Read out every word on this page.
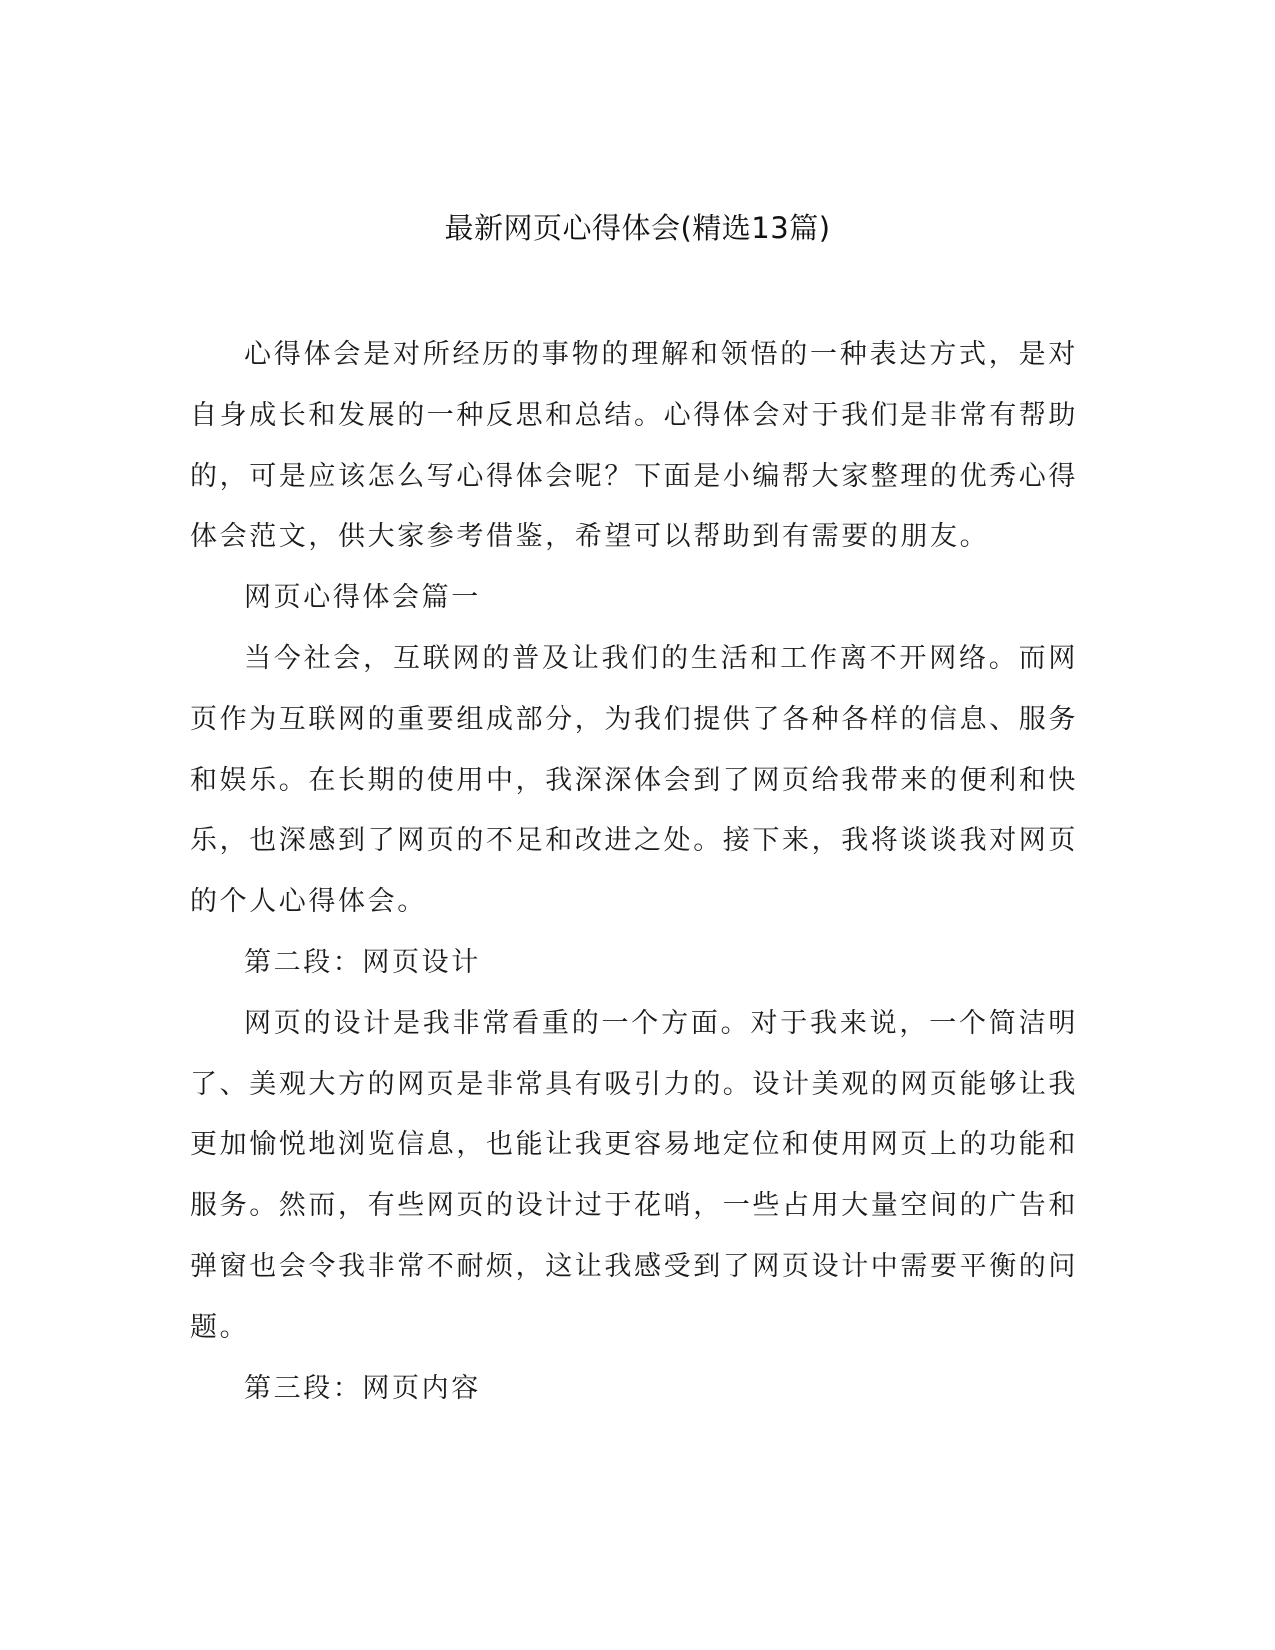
最新网页心得体会(精选13篇)

心得体会是对所经历的事物的理解和领悟的一种表达方式，是对自身成长和发展的一种反思和总结。心得体会对于我们是非常有帮助的，可是应该怎么写心得体会呢？下面是小编帮大家整理的优秀心得体会范文，供大家参考借鉴，希望可以帮助到有需要的朋友。

网页心得体会篇一

当今社会，互联网的普及让我们的生活和工作离不开网络。而网页作为互联网的重要组成部分，为我们提供了各种各样的信息、服务和娱乐。在长期的使用中，我深深体会到了网页给我带来的便利和快乐，也深感到了网页的不足和改进之处。接下来，我将谈谈我对网页的个人心得体会。

第二段：网页设计

网页的设计是我非常看重的一个方面。对于我来说，一个简洁明了、美观大方的网页是非常具有吸引力的。设计美观的网页能够让我更加愉悦地浏览信息，也能让我更容易地定位和使用网页上的功能和服务。然而，有些网页的设计过于花哨，一些占用大量空间的广告和弹窗也会令我非常不耐烦，这让我感受到了网页设计中需要平衡的问题。

第三段：网页内容
